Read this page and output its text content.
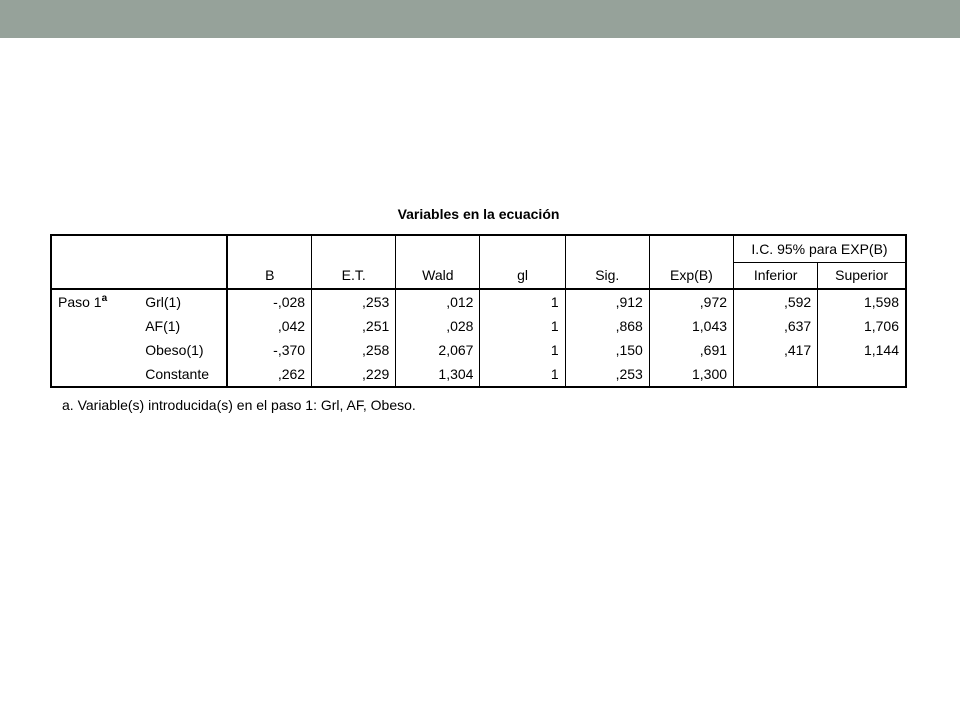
Variables en la ecuación
								I.C. 95% para EXP(B)	
		B	E.T.	Wald	gl	Sig.	Exp(B)	Inferior	Superior
Paso 1$^a$	Grl(1)	-,028	,253	,012	1	,912	,972	,592	1,598
	AF(1)	,042	,251	,028	1	,868	1,043	,637	1,706
	Obeso(1)	-,370	,258	2,067	1	,150	,691	,417	1,144
	Constante	,262	,229	1,304	1	,253	1,300		
a. Variable(s) introducida(s) en el paso 1: Grl, AF, Obeso.
